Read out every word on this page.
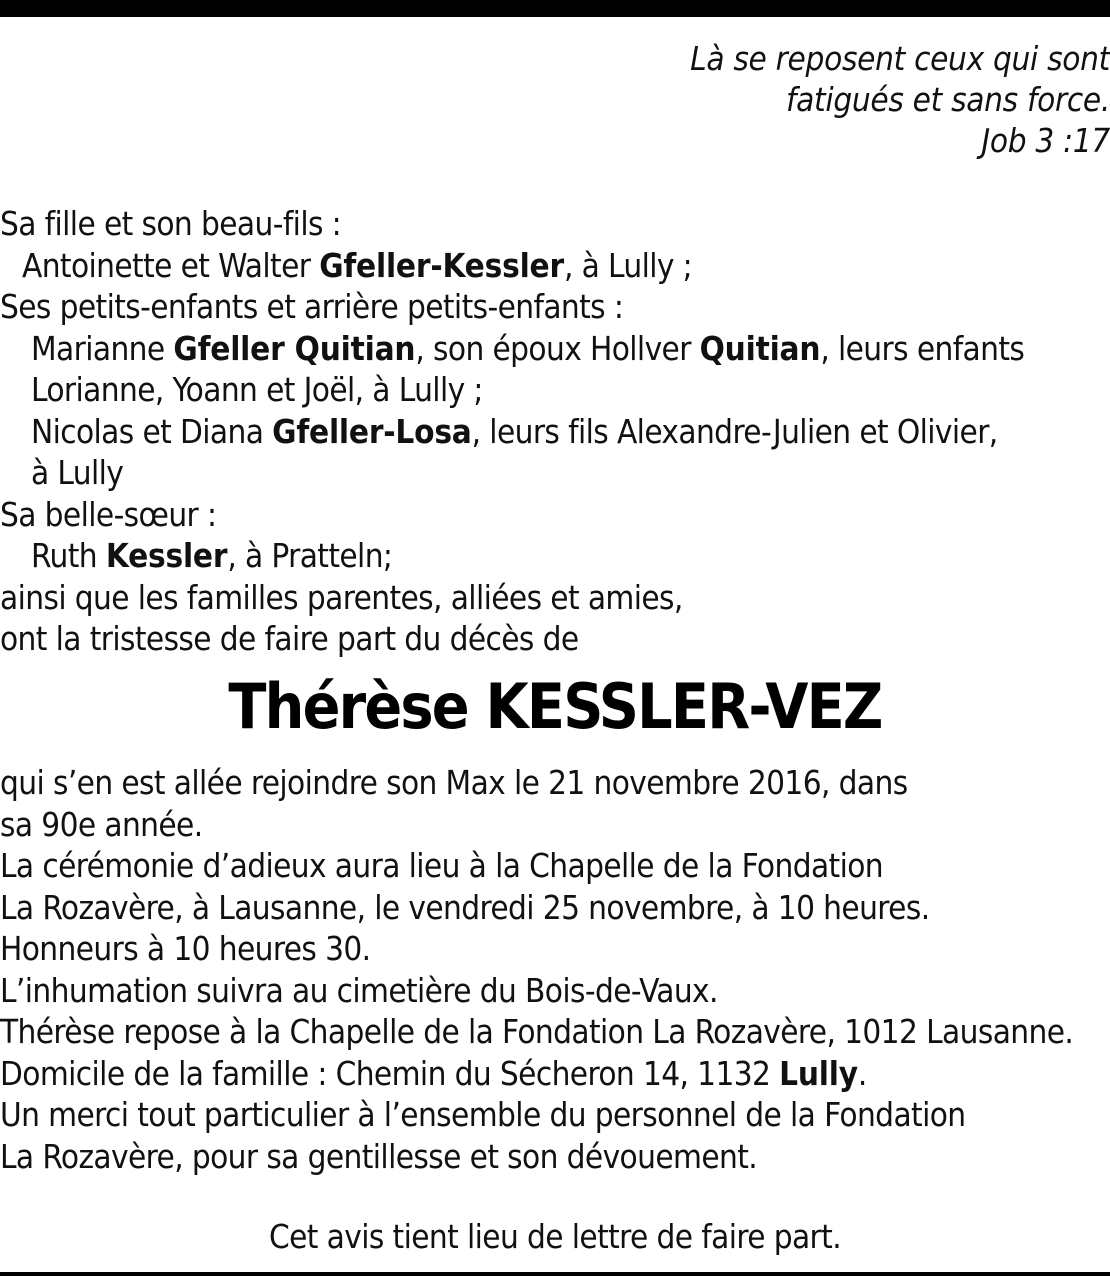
Là se reposent ceux qui sont
fatigués et sans force.
Job 3 :17
Sa fille et son beau-fils :
Antoinette et Walter Gfeller-Kessler, à Lully ;
Ses petits-enfants et arrière petits-enfants :
Marianne Gfeller Quitian, son époux Hollver Quitian, leurs enfants
Lorianne, Yoann et Joël, à Lully ;
Nicolas et Diana Gfeller-Losa, leurs fils Alexandre-Julien et Olivier,
à Lully
Sa belle-sœur :
Ruth Kessler, à Pratteln;
ainsi que les familles parentes, alliées et amies,
ont la tristesse de faire part du décès de
Thérèse KESSLER-VEZ
qui s’en est allée rejoindre son Max le 21 novembre 2016, dans
sa 90e année.
La cérémonie d’adieux aura lieu à la Chapelle de la Fondation
La Rozavère, à Lausanne, le vendredi 25 novembre, à 10 heures.
Honneurs à 10 heures 30.
L’inhumation suivra au cimetière du Bois-de-Vaux.
Thérèse repose à la Chapelle de la Fondation La Rozavère, 1012 Lausanne.
Domicile de la famille : Chemin du Sécheron 14, 1132 Lully.
Un merci tout particulier à l’ensemble du personnel de la Fondation
La Rozavère, pour sa gentillesse et son dévouement.
Cet avis tient lieu de lettre de faire part.
